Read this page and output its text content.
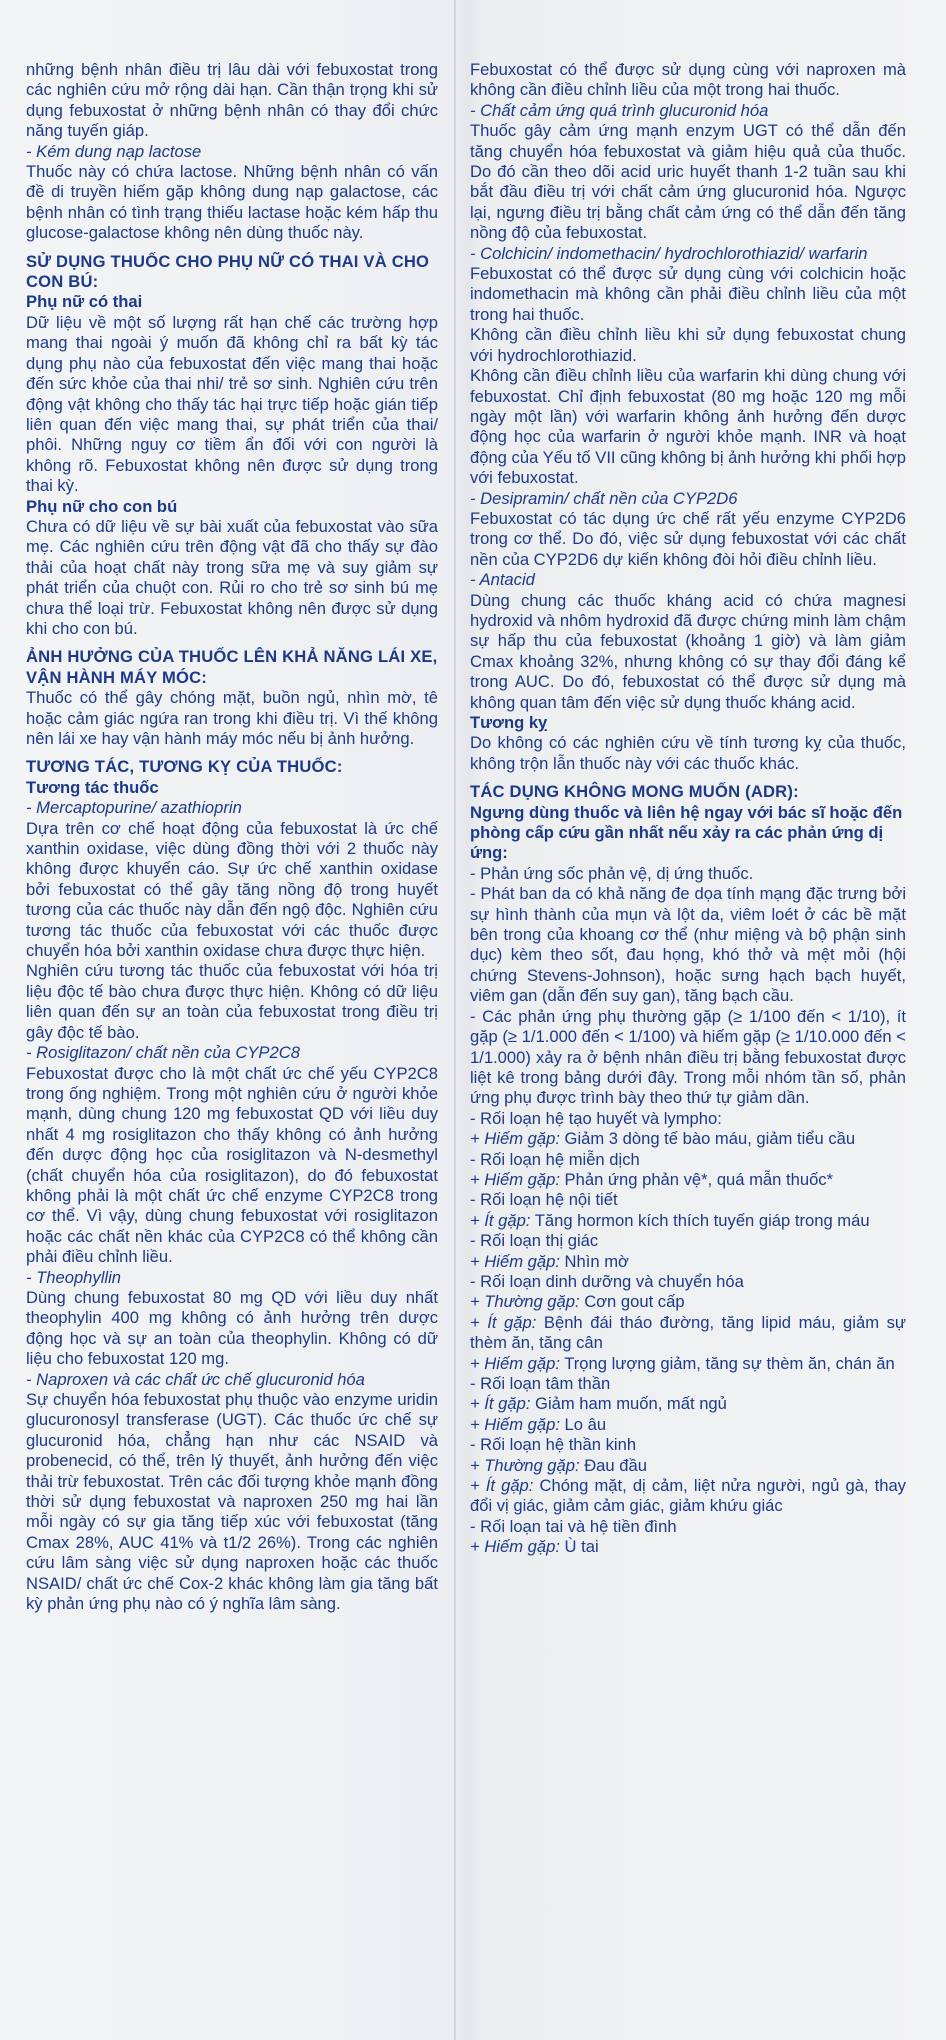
những bệnh nhân điều trị lâu dài với febuxostat trong các nghiên cứu mở rộng dài hạn. Cần thận trọng khi sử dụng febuxostat ở những bệnh nhân có thay đổi chức năng tuyến giáp.
- Kém dung nạp lactose
Thuốc này có chứa lactose. Những bệnh nhân có vấn đề di truyền hiếm gặp không dung nạp galactose, các bệnh nhân có tình trạng thiếu lactase hoặc kém hấp thu glucose-galactose không nên dùng thuốc này.
SỬ DỤNG THUỐC CHO PHỤ NỮ CÓ THAI VÀ CHO CON BÚ:
Phụ nữ có thai
Dữ liệu về một số lượng rất hạn chế các trường hợp mang thai ngoài ý muốn đã không chỉ ra bất kỳ tác dụng phụ nào của febuxostat đến việc mang thai hoặc đến sức khỏe của thai nhi/ trẻ sơ sinh. Nghiên cứu trên động vật không cho thấy tác hại trực tiếp hoặc gián tiếp liên quan đến việc mang thai, sự phát triển của thai/ phôi. Những nguy cơ tiềm ẩn đối với con người là không rõ. Febuxostat không nên được sử dụng trong thai kỳ.
Phụ nữ cho con bú
Chưa có dữ liệu về sự bài xuất của febuxostat vào sữa mẹ. Các nghiên cứu trên động vật đã cho thấy sự đào thải của hoạt chất này trong sữa mẹ và suy giảm sự phát triển của chuột con. Rủi ro cho trẻ sơ sinh bú mẹ chưa thể loại trừ. Febuxostat không nên được sử dụng khi cho con bú.
ẢNH HƯỞNG CỦA THUỐC LÊN KHẢ NĂNG LÁI XE, VẬN HÀNH MÁY MÓC:
Thuốc có thể gây chóng mặt, buồn ngủ, nhìn mờ, tê hoặc cảm giác ngứa ran trong khi điều trị. Vì thế không nên lái xe hay vận hành máy móc nếu bị ảnh hưởng.
TƯƠNG TÁC, TƯƠNG KỴ CỦA THUỐC:
Tương tác thuốc
- Mercaptopurine/ azathioprin
Dựa trên cơ chế hoạt động của febuxostat là ức chế xanthin oxidase, việc dùng đồng thời với 2 thuốc này không được khuyến cáo. Sự ức chế xanthin oxidase bởi febuxostat có thể gây tăng nồng độ trong huyết tương của các thuốc này dẫn đến ngộ độc. Nghiên cứu tương tác thuốc của febuxostat với các thuốc được chuyển hóa bởi xanthin oxidase chưa được thực hiện.
Nghiên cứu tương tác thuốc của febuxostat với hóa trị liệu độc tế bào chưa được thực hiện. Không có dữ liệu liên quan đến sự an toàn của febuxostat trong điều trị gây độc tế bào.
- Rosiglitazon/ chất nền của CYP2C8
Febuxostat được cho là một chất ức chế yếu CYP2C8 trong ống nghiệm. Trong một nghiên cứu ở người khỏe mạnh, dùng chung 120 mg febuxostat QD với liều duy nhất 4 mg rosiglitazon cho thấy không có ảnh hưởng đến dược động học của rosiglitazon và N-desmethyl (chất chuyển hóa của rosiglitazon), do đó febuxostat không phải là một chất ức chế enzyme CYP2C8 trong cơ thể. Vì vậy, dùng chung febuxostat với rosiglitazon hoặc các chất nền khác của CYP2C8 có thể không cần phải điều chỉnh liều.
- Theophyllin
Dùng chung febuxostat 80 mg QD với liều duy nhất theophylin 400 mg không có ảnh hưởng trên dược động học và sự an toàn của theophylin. Không có dữ liệu cho febuxostat 120 mg.
- Naproxen và các chất ức chế glucuronid hóa
Sự chuyển hóa febuxostat phụ thuộc vào enzyme uridin glucuronosyl transferase (UGT). Các thuốc ức chế sự glucuronid hóa, chẳng hạn như các NSAID và probenecid, có thể, trên lý thuyết, ảnh hưởng đến việc thải trừ febuxostat. Trên các đối tượng khỏe mạnh đồng thời sử dụng febuxostat và naproxen 250 mg hai lần mỗi ngày có sự gia tăng tiếp xúc với febuxostat (tăng Cmax 28%, AUC 41% và t1/2 26%). Trong các nghiên cứu lâm sàng việc sử dụng naproxen hoặc các thuốc NSAID/ chất ức chế Cox-2 khác không làm gia tăng bất kỳ phản ứng phụ nào có ý nghĩa lâm sàng.
Febuxostat có thể được sử dụng cùng với naproxen mà không cần điều chỉnh liều của một trong hai thuốc.
- Chất cảm ứng quá trình glucuronid hóa
Thuốc gây cảm ứng mạnh enzym UGT có thể dẫn đến tăng chuyển hóa febuxostat và giảm hiệu quả của thuốc. Do đó cần theo dõi acid uric huyết thanh 1-2 tuần sau khi bắt đầu điều trị với chất cảm ứng glucuronid hóa. Ngược lại, ngưng điều trị bằng chất cảm ứng có thể dẫn đến tăng nồng độ của febuxostat.
- Colchicin/ indomethacin/ hydrochlorothiazid/ warfarin
Febuxostat có thể được sử dụng cùng với colchicin hoặc indomethacin mà không cần phải điều chỉnh liều của một trong hai thuốc.
Không cần điều chỉnh liều khi sử dụng febuxostat chung với hydrochlorothiazid.
Không cần điều chỉnh liều của warfarin khi dùng chung với febuxostat. Chỉ định febuxostat (80 mg hoặc 120 mg mỗi ngày một lần) với warfarin không ảnh hưởng đến dược động học của warfarin ở người khỏe mạnh. INR và hoạt động của Yếu tố VII cũng không bị ảnh hưởng khi phối hợp với febuxostat.
- Desipramin/ chất nền của CYP2D6
Febuxostat có tác dụng ức chế rất yếu enzyme CYP2D6 trong cơ thể. Do đó, việc sử dụng febuxostat với các chất nền của CYP2D6 dự kiến không đòi hỏi điều chỉnh liều.
- Antacid
Dùng chung các thuốc kháng acid có chứa magnesi hydroxid và nhôm hydroxid đã được chứng minh làm chậm sự hấp thu của febuxostat (khoảng 1 giờ) và làm giảm Cmax khoảng 32%, nhưng không có sự thay đổi đáng kể trong AUC. Do đó, febuxostat có thể được sử dụng mà không quan tâm đến việc sử dụng thuốc kháng acid.
Tương kỵ
Do không có các nghiên cứu về tính tương kỵ của thuốc, không trộn lẫn thuốc này với các thuốc khác.
TÁC DỤNG KHÔNG MONG MUỐN (ADR):
Ngưng dùng thuốc và liên hệ ngay với bác sĩ hoặc đến phòng cấp cứu gần nhất nếu xảy ra các phản ứng dị ứng:
- Phản ứng sốc phản vệ, dị ứng thuốc.
- Phát ban da có khả năng đe dọa tính mạng đặc trưng bởi sự hình thành của mụn và lột da, viêm loét ở các bề mặt bên trong của khoang cơ thể (như miệng và bộ phận sinh dục) kèm theo sốt, đau họng, khó thở và mệt mỏi (hội chứng Stevens-Johnson), hoặc sưng hạch bạch huyết, viêm gan (dẫn đến suy gan), tăng bạch cầu.
- Các phản ứng phụ thường gặp (≥ 1/100 đến < 1/10), ít gặp (≥ 1/1.000 đến < 1/100) và hiếm gặp (≥ 1/10.000 đến < 1/1.000) xảy ra ở bệnh nhân điều trị bằng febuxostat được liệt kê trong bảng dưới đây. Trong mỗi nhóm tần số, phản ứng phụ được trình bày theo thứ tự giảm dần.
- Rối loạn hệ tạo huyết và lympho:
+ Hiếm gặp: Giảm 3 dòng tế bào máu, giảm tiểu cầu
- Rối loạn hệ miễn dịch
+ Hiếm gặp: Phản ứng phản vệ*, quá mẫn thuốc*
- Rối loạn hệ nội tiết
+ Ít gặp: Tăng hormon kích thích tuyến giáp trong máu
- Rối loạn thị giác
+ Hiếm gặp: Nhìn mờ
- Rối loạn dinh dưỡng và chuyển hóa
+ Thường gặp: Cơn gout cấp
+ Ít gặp: Bệnh đái tháo đường, tăng lipid máu, giảm sự thèm ăn, tăng cân
+ Hiếm gặp: Trọng lượng giảm, tăng sự thèm ăn, chán ăn
- Rối loạn tâm thần
+ Ít gặp: Giảm ham muốn, mất ngủ
+ Hiếm gặp: Lo âu
- Rối loạn hệ thần kinh
+ Thường gặp: Đau đầu
+ Ít gặp: Chóng mặt, dị cảm, liệt nửa người, ngủ gà, thay đổi vị giác, giảm cảm giác, giảm khứu giác
- Rối loạn tai và hệ tiền đình
+ Hiếm gặp: Ù tai
